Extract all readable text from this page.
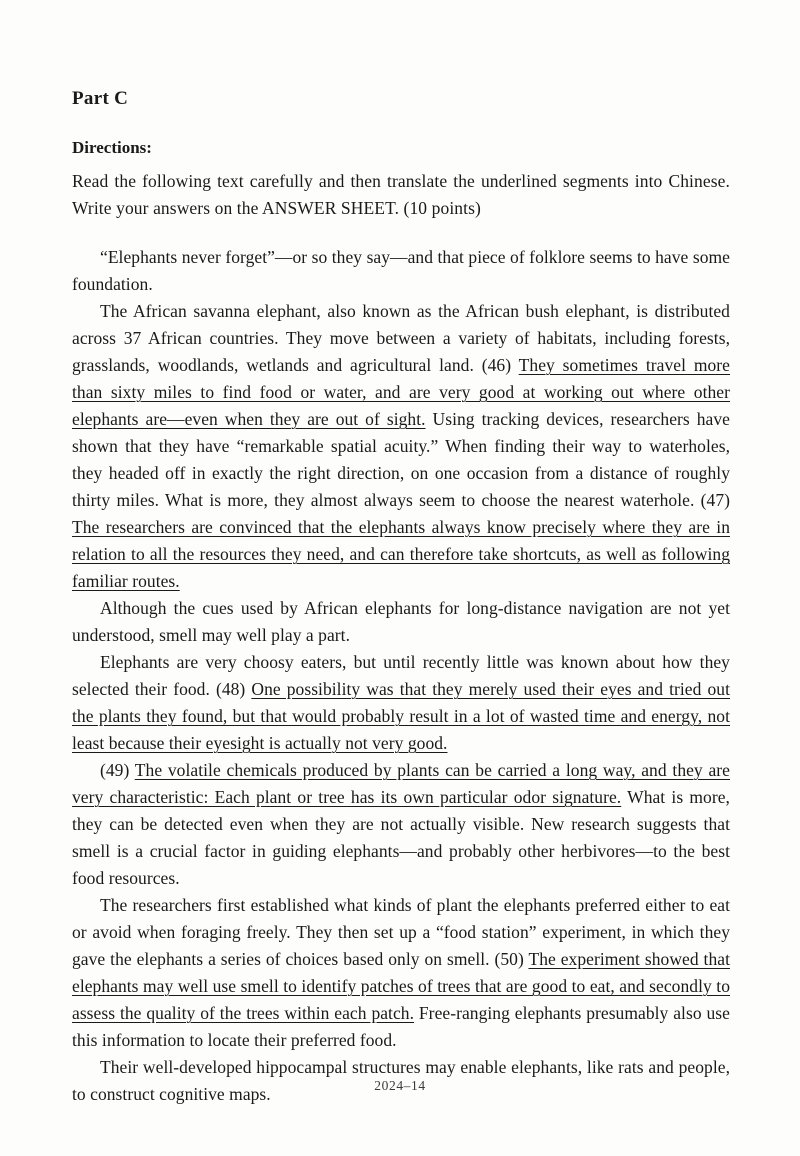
Part C
Directions:

Read the following text carefully and then translate the underlined segments into Chinese. Write your answers on the ANSWER SHEET. (10 points)

“Elephants never forget”—or so they say—and that piece of folklore seems to have some foundation.

The African savanna elephant, also known as the African bush elephant, is distributed across 37 African countries. They move between a variety of habitats, including forests, grasslands, woodlands, wetlands and agricultural land. (46) They sometimes travel more than sixty miles to find food or water, and are very good at working out where other elephants are—even when they are out of sight. Using tracking devices, researchers have shown that they have “remarkable spatial acuity.” When finding their way to waterholes, they headed off in exactly the right direction, on one occasion from a distance of roughly thirty miles. What is more, they almost always seem to choose the nearest waterhole. (47) The researchers are convinced that the elephants always know precisely where they are in relation to all the resources they need, and can therefore take shortcuts, as well as following familiar routes.

Although the cues used by African elephants for long-distance navigation are not yet understood, smell may well play a part.

Elephants are very choosy eaters, but until recently little was known about how they selected their food. (48) One possibility was that they merely used their eyes and tried out the plants they found, but that would probably result in a lot of wasted time and energy, not least because their eyesight is actually not very good.

(49) The volatile chemicals produced by plants can be carried a long way, and they are very characteristic: Each plant or tree has its own particular odor signature. What is more, they can be detected even when they are not actually visible. New research suggests that smell is a crucial factor in guiding elephants—and probably other herbivores—to the best food resources.

The researchers first established what kinds of plant the elephants preferred either to eat or avoid when foraging freely. They then set up a “food station” experiment, in which they gave the elephants a series of choices based only on smell. (50) The experiment showed that elephants may well use smell to identify patches of trees that are good to eat, and secondly to assess the quality of the trees within each patch. Free-ranging elephants presumably also use this information to locate their preferred food.

Their well-developed hippocampal structures may enable elephants, like rats and people, to construct cognitive maps.	2024–14
